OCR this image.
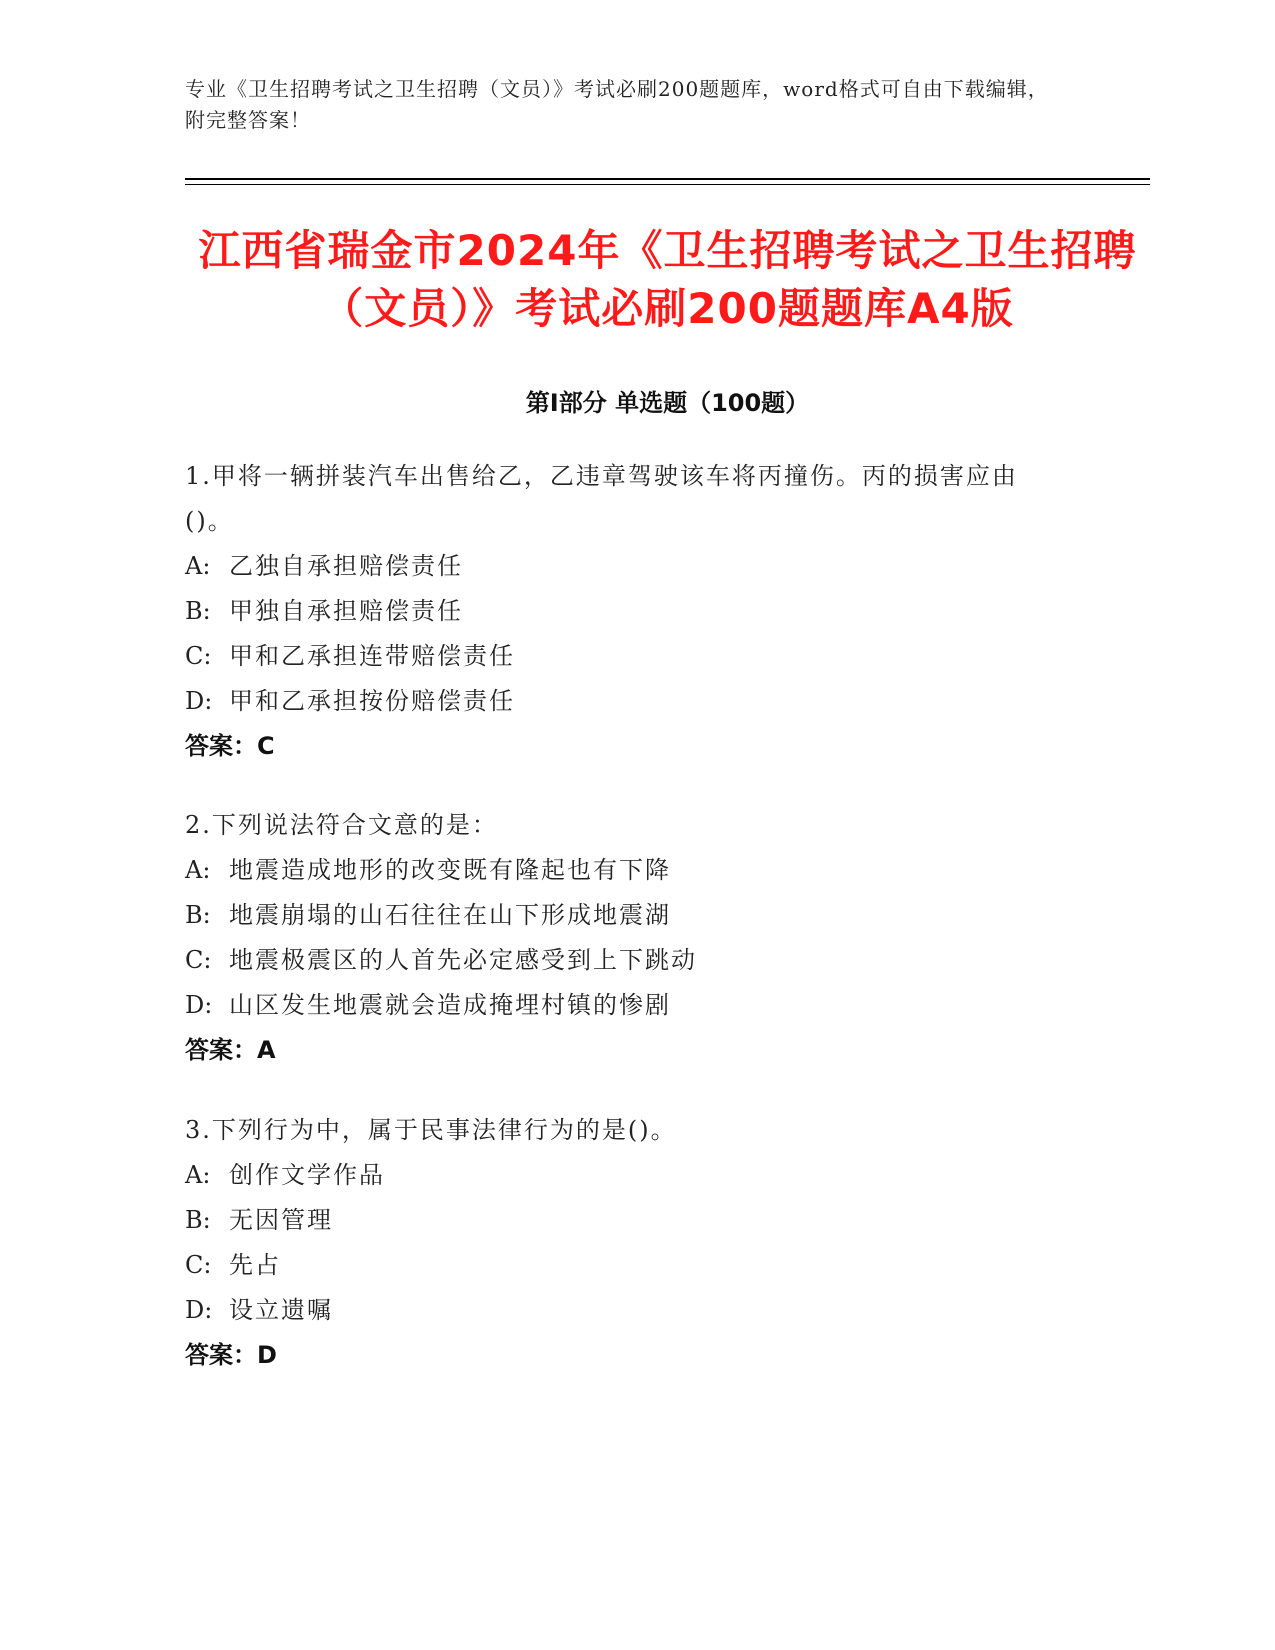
专业《卫生招聘考试之卫生招聘（文员）》考试必刷200题题库，word格式可自由下载编辑，附完整答案！
江西省瑞金市2024年《卫生招聘考试之卫生招聘（文员）》考试必刷200题题库A4版
第Ⅰ部分 单选题（100题）
1.甲将一辆拼装汽车出售给乙，乙违章驾驶该车将丙撞伤。丙的损害应由()。
A: 乙独自承担赔偿责任
B: 甲独自承担赔偿责任
C: 甲和乙承担连带赔偿责任
D: 甲和乙承担按份赔偿责任
答案：C
2.下列说法符合文意的是：
A: 地震造成地形的改变既有隆起也有下降
B: 地震崩塌的山石往往在山下形成地震湖
C: 地震极震区的人首先必定感受到上下跳动
D: 山区发生地震就会造成掩埋村镇的惨剧
答案：A
3.下列行为中，属于民事法律行为的是()。
A: 创作文学作品
B: 无因管理
C: 先占
D: 设立遗嘱
答案：D
